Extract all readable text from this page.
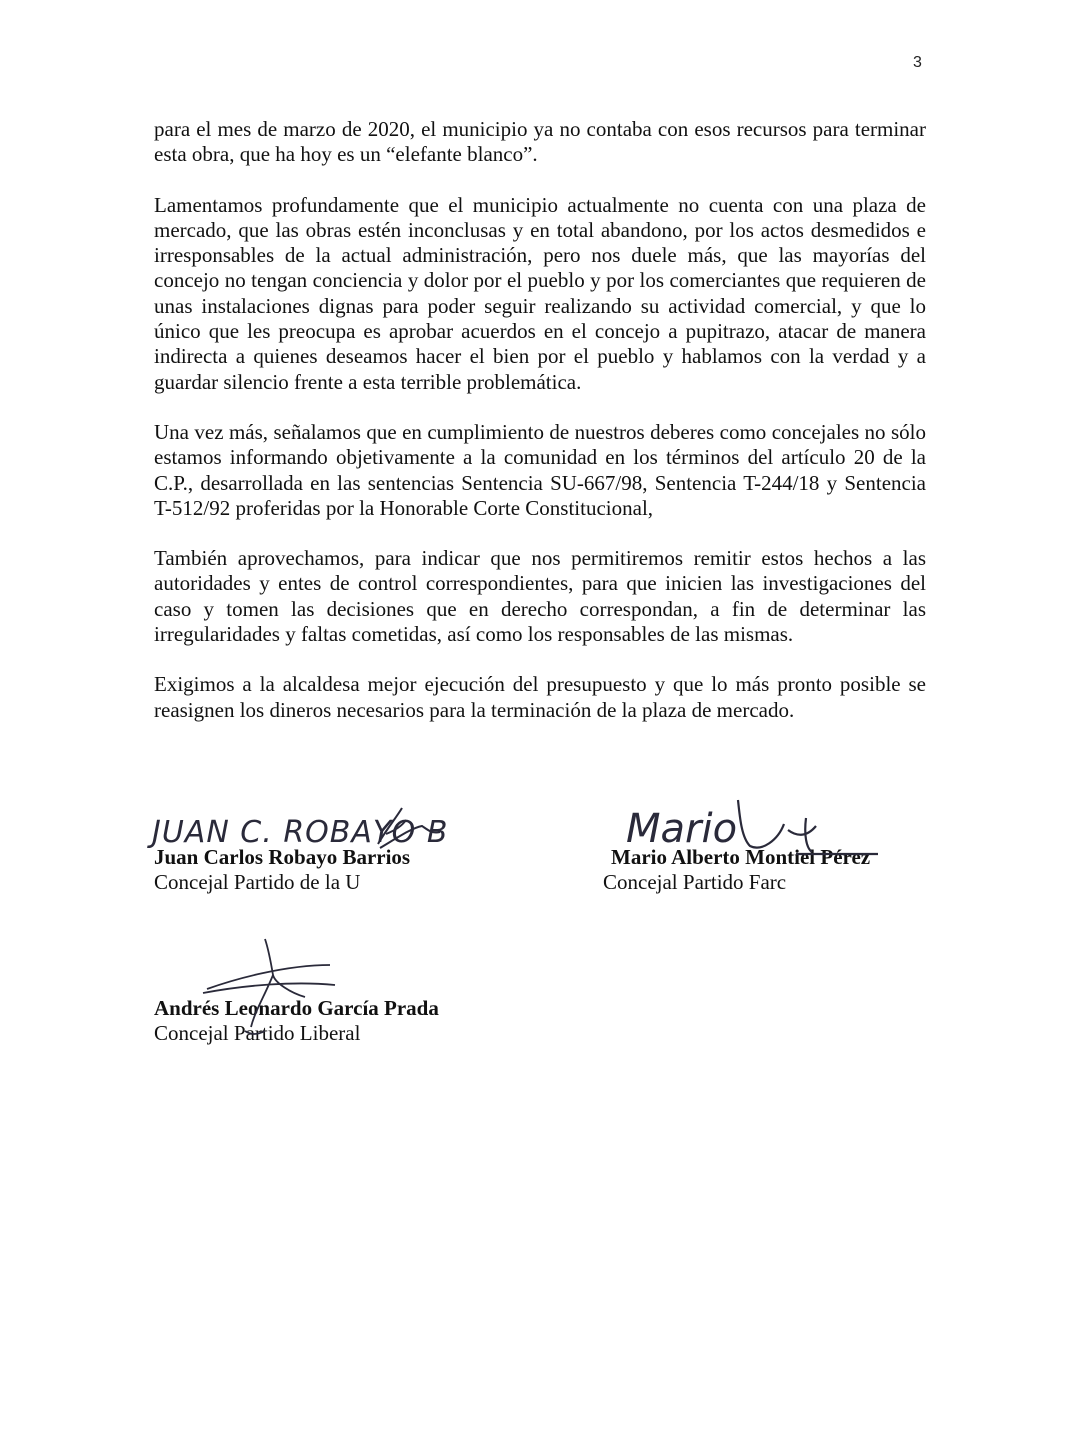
3

para el mes de marzo de 2020, el municipio ya no contaba con esos recursos para terminar esta obra, que ha hoy es un “elefante blanco”.

Lamentamos profundamente que el municipio actualmente no cuenta con una plaza de mercado, que las obras estén inconclusas y en total abandono, por los actos desmedidos e irresponsables de la actual administración, pero nos duele más, que las mayorías del concejo no tengan conciencia y dolor por el pueblo y por los comerciantes que requieren de unas instalaciones dignas para poder seguir realizando su actividad comercial, y que lo único que les preocupa es aprobar acuerdos en el concejo a pupitrazo, atacar de manera indirecta a quienes deseamos hacer el bien por el pueblo y hablamos con la verdad y a guardar silencio frente a esta terrible problemática.

Una vez más, señalamos que en cumplimiento de nuestros deberes como concejales no sólo estamos informando objetivamente a la comunidad en los términos del artículo 20 de la C.P., desarrollada en las sentencias Sentencia SU-667/98, Sentencia T-244/18 y Sentencia T-512/92 proferidas por la Honorable Corte Constitucional,

También aprovechamos, para indicar que nos permitiremos remitir estos hechos a las autoridades y entes de control correspondientes, para que inicien las investigaciones del caso y tomen las decisiones que en derecho correspondan, a fin de determinar las irregularidades y faltas cometidas, así como los responsables de las mismas.

Exigimos a la alcaldesa mejor ejecución del presupuesto y que lo más pronto posible se reasignen los dineros necesarios para la terminación de la plaza de mercado.

Juan Carlos Robayo Barrios
Concejal Partido de la U
JUAN C. ROBAYO B
Mario Alberto Montiel Pérez
Concejal Partido Farc
Mario
Andrés Leonardo García Prada
Concejal Partido Liberal
